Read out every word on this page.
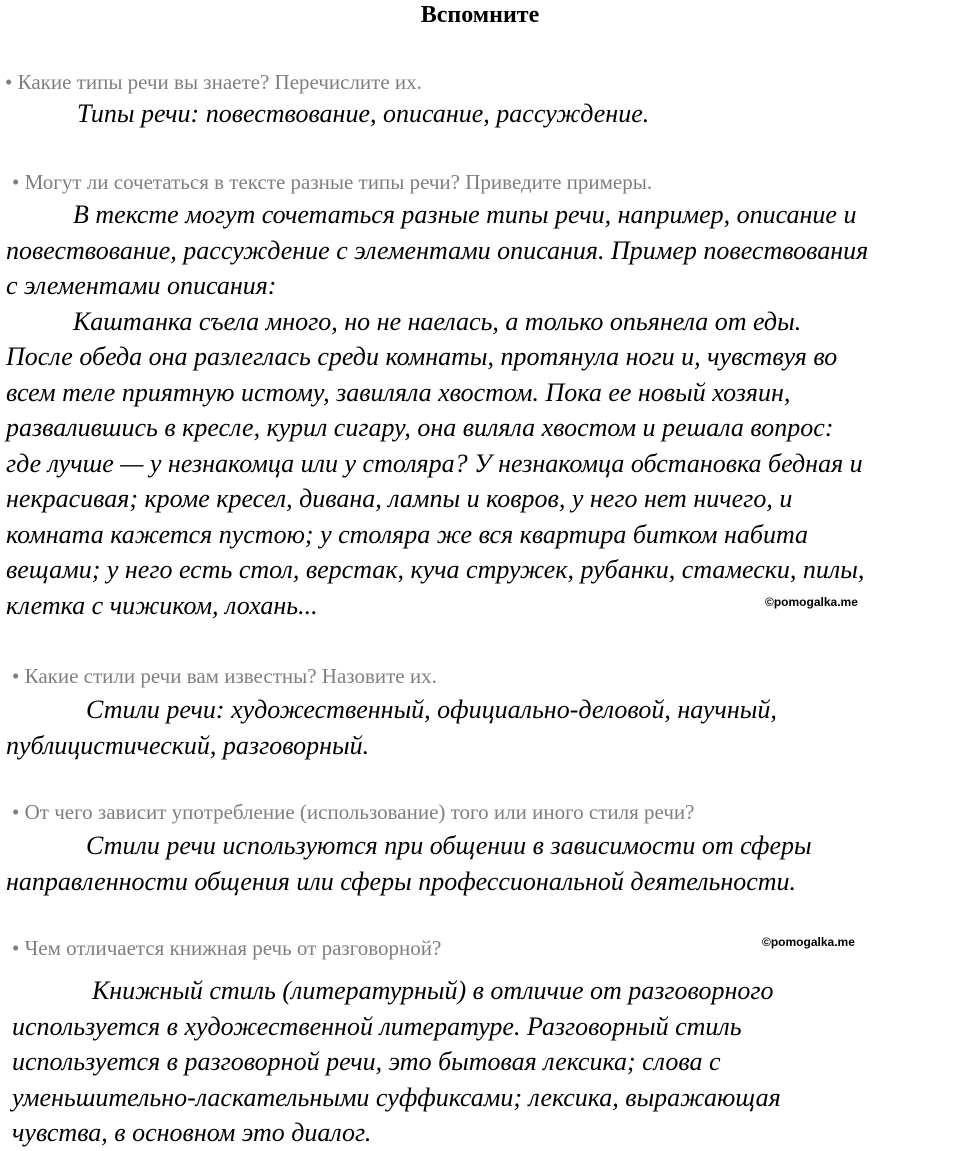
Вспомните
• Какие типы речи вы знаете? Перечислите их.
Типы речи: повествование, описание, рассуждение.
• Могут ли сочетаться в тексте разные типы речи? Приведите примеры.
В тексте могут сочетаться разные типы речи, например, описание и
повествование, рассуждение с элементами описания. Пример повествования
с элементами описания:
Каштанка съела много, но не наелась, а только опьянела от еды.
После обеда она разлеглась среди комнаты, протянула ноги и, чувствуя во
всем теле приятную истому, завиляла хвостом. Пока ее новый хозяин,
развалившись в кресле, курил сигару, она виляла хвостом и решала вопрос:
где лучше — у незнакомца или у столяра? У незнакомца обстановка бедная и
некрасивая; кроме кресел, дивана, лампы и ковров, у него нет ничего, и
комната кажется пустою; у столяра же вся квартира битком набита
вещами; у него есть стол, верстак, куча стружек, рубанки, стамески, пилы,
клетка с чижиком, лохань...	©pomogalka.me
• Какие стили речи вам известны? Назовите их.
Стили речи: художественный, официально-деловой, научный,
публицистический, разговорный.
• От чего зависит употребление (использование) того или иного стиля речи?
Стили речи используются при общении в зависимости от сферы
направленности общения или сферы профессиональной деятельности.
• Чем отличается книжная речь от разговорной?	©pomogalka.me
Книжный стиль (литературный) в отличие от разговорного
используется в художественной литературе. Разговорный стиль
используется в разговорной речи, это бытовая лексика; слова с
уменьшительно-ласкательными суффиксами; лексика, выражающая
чувства, в основном это диалог.
